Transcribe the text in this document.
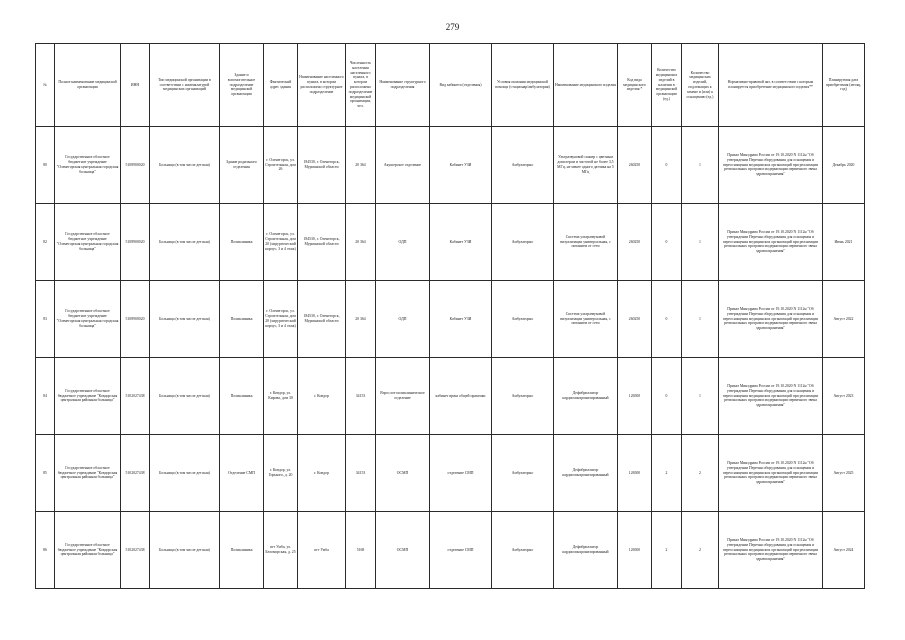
279
№	Полное наименование медицинской организации	ИНН	Тип медицинской организации в соответствии с номенклатурой медицинских организаций	Здание и вспомогательное подразделение медицинской организации	Фактический адрес здания	Наименование населенного пункта, в котором расположено структурное подразделение	Численность населения населенного пункта, в котором расположено подразделение медицинской организации, чел.	Наименование структурного подразделения	Вид кабинета (отделения)	Условия оказания медицинской помощи (стационар/амбулатория)	Наименование медицинского изделия	Код вида медицинского изделия *	Количество медицинских изделий в наличии в медицинской организации (ед.)	Количество медицинских изделий, подлежащих к замене и (или) к оснащению (ед.)	Нормативно-правовой акт, в соответствии с которым планируется приобретение медицинского изделия**	Планируемая дата приобретения (месяц, год)
80	Государственное областное бюджетное учреждение "Оленегорская центральная городская больница"	5108900020	Больница (в том числе детская)	Здание родильного отделения	г. Оленегорск, ул. Строительная, дом 26	184530, г. Оленегорск, Мурманской области	20 364	Акушерское отделение	Кабинет УЗИ	Амбулаторно	Ультразвуковой сканер с цветным допплером и частотой не более 3,5 МГц, не менее одного датчика на 5 МГц	260250	0	1	Приказ Минздрава России от 19.10.2020 N 1112н "Об утверждении Перечня оборудования для оснащения и переоснащения медицинских организаций при реализации региональных программ модернизации первичного звена здравоохранения"	Декабрь 2020
82	Государственное областное бюджетное учреждение "Оленегорская центральная городская больница"	5108900020	Больница (в том числе детская)	Поликлиника	г. Оленегорск, ул. Строительная, дом 20 (хирургический корпус, 3 и 4 этаж)	184530, г. Оленегорск, Мурманской области	20 364	ОДП	Кабинет УЗИ	Амбулаторно	Система ультразвуковой визуализации универсальная, с питанием от сети	260250	0	1	Приказ Минздрава России от 19.10.2020 N 1112н "Об утверждении Перечня оборудования для оснащения и переоснащения медицинских организаций при реализации региональных программ модернизации первичного звена здравоохранения"	Июнь 2021
83	Государственное областное бюджетное учреждение "Оленегорская центральная городская больница"	5108900020	Больница (в том числе детская)	Поликлиника	г. Оленегорск, ул. Строительная, дом 20 (хирургический корпус, 3 и 4 этаж)	184530, г. Оленегорск, Мурманской области	20 364	ОДП	Кабинет УЗИ	Амбулаторно	Система ультразвуковой визуализации универсальная, с питанием от сети	260250	0	1	Приказ Минздрава России от 19.10.2020 N 1112н "Об утверждении Перечня оборудования для оснащения и переоснащения медицинских организаций при реализации региональных программ модернизации первичного звена здравоохранения"	Август 2022
84	Государственное областное бюджетное учреждение "Ковдорская центральная районная больница"	5102027438	Больница (в том числе детская)	Поликлиника	г. Ковдор, ул. Кирова, дом 30	г. Ковдор	34153	Взрослое поликлиническое отделение	кабинет врача общей практики	Амбулаторно	Дефибриллятор кардиосинхронизированный	126500	0	1	Приказ Минздрава России от 19.10.2020 N 1112н "Об утверждении Перечня оборудования для оснащения и переоснащения медицинских организаций при реализации региональных программ модернизации первичного звена здравоохранения"	Август 2023
85	Государственное областное бюджетное учреждение "Ковдорская центральная районная больница"	5102027438	Больница (в том числе детская)	Отделение СМП	г. Ковдор, ул. Горького, д. 20	г. Ковдор	34153	ОСМП	отделение СМП	Амбулаторно	Дефибриллятор кардиосинхронизированный	126500	2	2	Приказ Минздрава России от 19.10.2020 N 1112н "Об утверждении Перечня оборудования для оснащения и переоснащения медицинских организаций при реализации региональных программ модернизации первичного звена здравоохранения"	Август 2025
86	Государственное областное бюджетное учреждение "Ковдорская центральная районная больница"	5102027438	Больница (в том числе детская)	Поликлиника	пгт Умба, ул. Беломорская, д. 25	пгт Умба	5168	ОСМП	отделение СМП	Амбулаторно	Дефибриллятор кардиосинхронизированный	126500	2	2	Приказ Минздрава России от 19.10.2020 N 1112н "Об утверждении Перечня оборудования для оснащения и переоснащения медицинских организаций при реализации региональных программ модернизации первичного звена здравоохранения"	Август 2024
